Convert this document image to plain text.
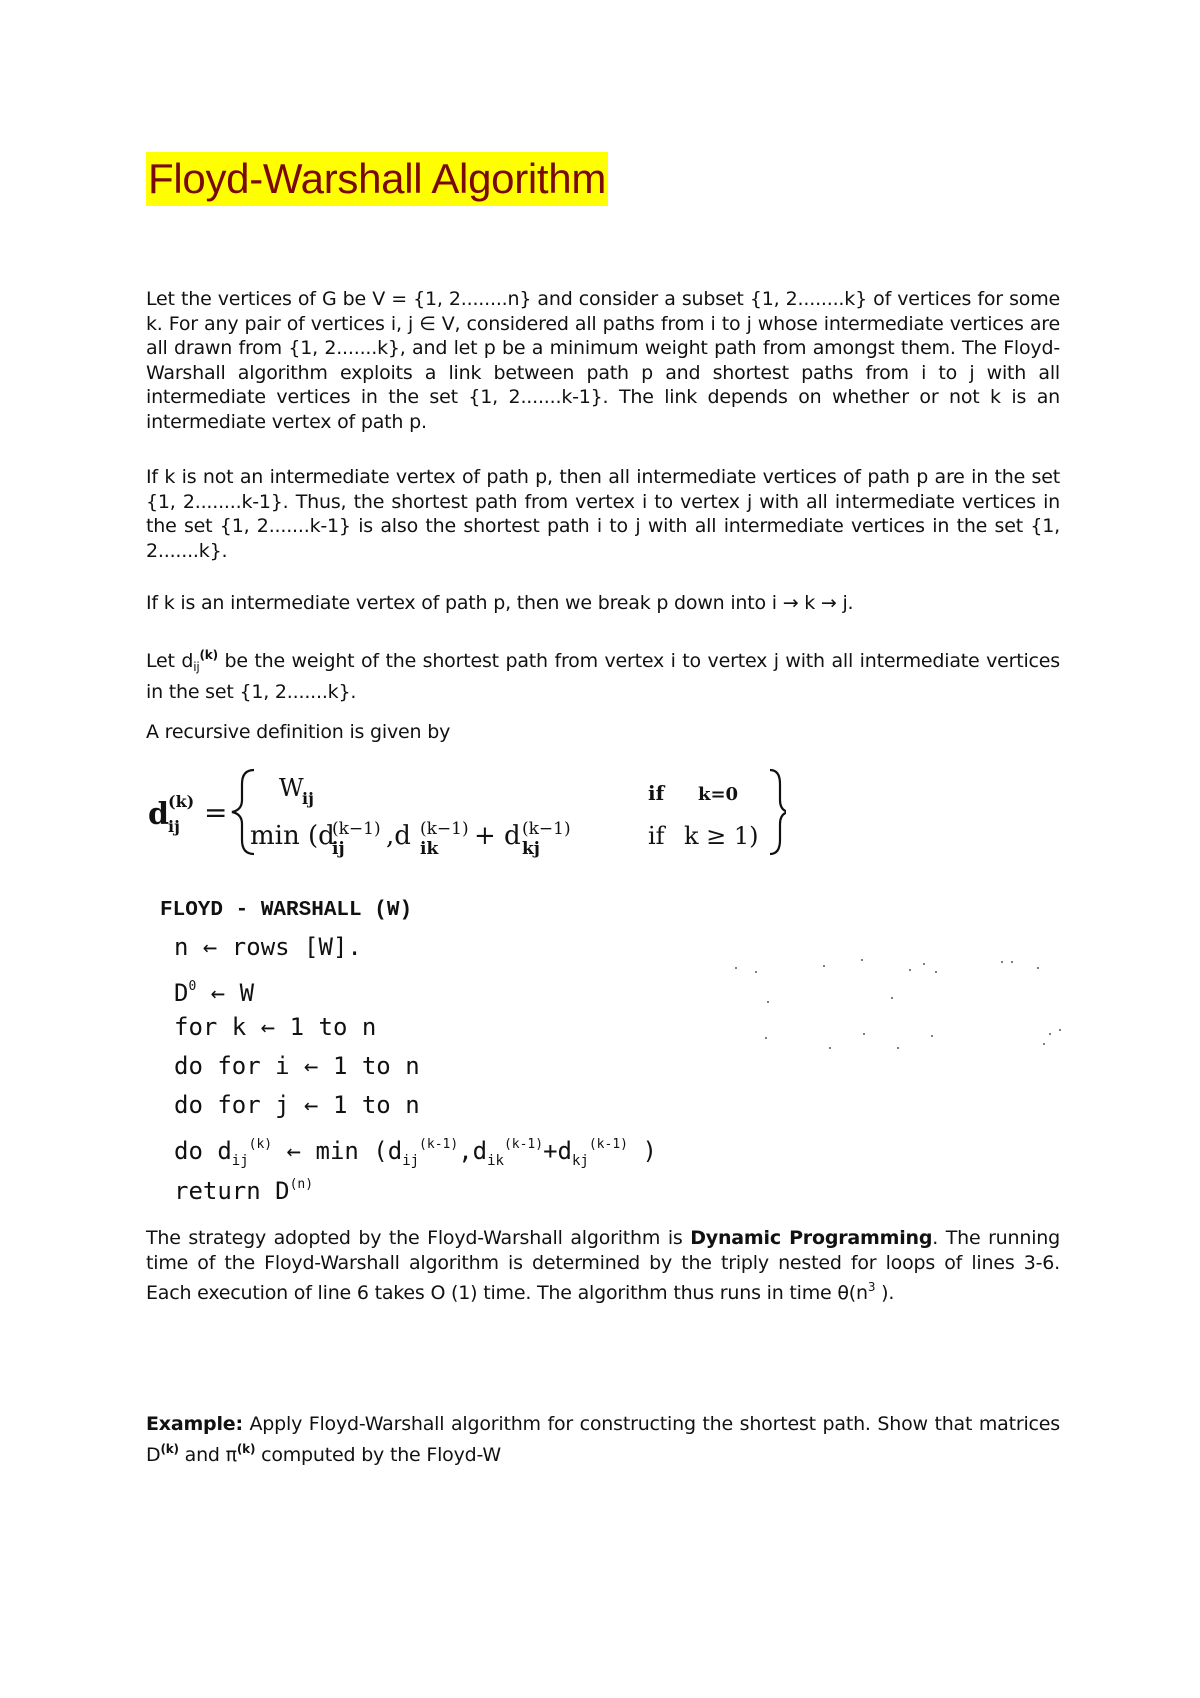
Floyd-Warshall Algorithm

Let the vertices of G be V = {1, 2........n} and consider a subset {1, 2........k} of vertices for some k. For any pair of vertices i, j ∈ V, considered all paths from i to j whose intermediate vertices are all drawn from {1, 2.......k}, and let p be a minimum weight path from amongst them. The Floyd-Warshall algorithm exploits a link between path p and shortest paths from i to j with all intermediate vertices in the set {1, 2.......k-1}. The link depends on whether or not k is an intermediate vertex of path p.

If k is not an intermediate vertex of path p, then all intermediate vertices of path p are in the set {1, 2........k-1}. Thus, the shortest path from vertex i to vertex j with all intermediate vertices in the set {1, 2.......k-1} is also the shortest path i to j with all intermediate vertices in the set {1, 2.......k}.

If k is an intermediate vertex of path p, then we break p down into i → k → j.

Let $d_{ij}^{(k)}$ be the weight of the shortest path from vertex i to vertex j with all intermediate vertices in the set {1, 2.......k}.

A recursive definition is given by

d (k)
ij =
W
ij	if k=0
min (d
(k−1)
ij ,d (k−1)
ik + d (k−1)
kj	if k ≥ 1)
FLOYD - WARSHALL (W)
n ← rows [W].
$D^0$ ← W
for k ← 1 to n
do for i ← 1 to n
do for j ← 1 to n
do $d_{ij}^{(k)}$ ← $\min (d_{ij}^{(k-1)},d_{ik}^{(k-1)}+d_{kj}^{(k-1)}$ )
return $D^{(n)}$

The strategy adopted by the Floyd-Warshall algorithm is Dynamic Programming. The running time of the Floyd-Warshall algorithm is determined by the triply nested for loops of lines 3-6. Each execution of line 6 takes O (1) time. The algorithm thus runs in time $\theta(n^3$ ).

Example: Apply Floyd-Warshall algorithm for constructing the shortest path. Show that matrices $D^{(k)}$ and $\pi^{(k)}$ computed by the Floyd-W
